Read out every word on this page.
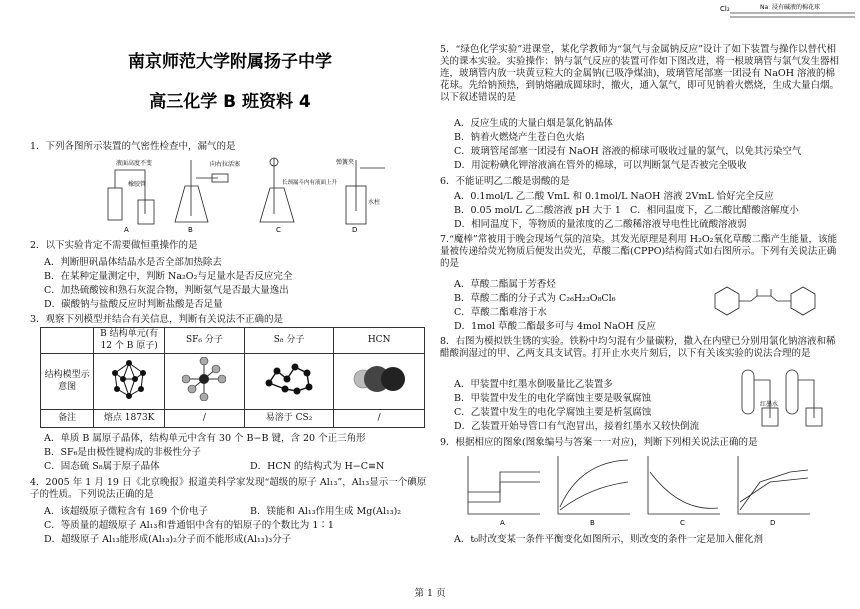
Cl₂	Na 浸有碱液的棉花球
南京师范大学附属扬子中学
高三化学 B 班资料 4
1．下列各图所示装置的气密性检查中，漏气的是
液面高度不变
橡胶管
A
向右拉活塞
B
长颈漏斗内有液面上升
C
弹簧夹
水柱
D
2．以下实验肯定不需要做恒重操作的是
A．判断胆矾晶体结晶水是否全部加热除去
B．在某种定量测定中，判断 Na₂O₂与足量水是否反应完全
C．加热硫酸铵和熟石灰混合物，判断氨气是否最大量逸出
D．碳酸钠与盐酸反应时判断盐酸是否足量
3．观察下列模型并结合有关信息，判断有关说法不正确的是
	B 结构单元(有 12 个 B 原子)	SF₆ 分子	S₈ 分子	HCN
结构模型示意图				
备注	熔点 1873K	/	易溶于 CS₂	/
A．单质 B 属原子晶体，结构单元中含有 30 个 B−B 键，含 20 个正三角形
B．SF₆是由极性键构成的非极性分子
C．固态硫 S₈属于原子晶体	D．HCN 的结构式为 H−C≡N
4．2005 年 1 月 19 日《北京晚报》报道美科学家发现“超级的原子 Al₁₃”，Al₁₃显示一个碘原子的性质。下列说法正确的是
A．该超级原子微粒含有 169 个价电子	B．镁能和 Al₁₃作用生成 Mg(Al₁₃)₂
C．等质量的超级原子 Al₁₃和普通铝中含有的铝原子的个数比为 1∶1
D．超级原子 Al₁₃能形成(Al₁₃)₂分子而不能形成(Al₁₃)₃分子
5．“绿色化学实验”进课堂，某化学教师为“氯气与金属钠反应”设计了如下装置与操作以替代相关的课本实验。实验操作：钠与氯气反应的装置可作如下图改进，将一根玻璃管与氯气发生器相连，玻璃管内放一块黄豆粒大的金属钠(已吸净煤油)，玻璃管尾部塞一团浸有 NaOH 溶液的棉花球。先给钠预热，到钠熔融成圆球时，撤火，通入氯气，即可见钠着火燃烧，生成大量白烟。以下叙述错误的是
A．反应生成的大量白烟是氯化钠晶体
B．钠着火燃烧产生苍白色火焰
C．玻璃管尾部塞一团浸有 NaOH 溶液的棉球可吸收过量的氯气，以免其污染空气
D．用淀粉碘化钾溶液滴在管外的棉球，可以判断氯气是否被完全吸收
6．不能证明乙二酸是弱酸的是
A．0.1mol/L 乙二酸 VmL 和 0.1mol/L NaOH 溶液 2VmL 恰好完全反应
B．0.05 mol/L 乙二酸溶液 pH 大于 1 C．相同温度下，乙二酸比醋酸溶解度小
D．相同温度下，等物质的量浓度的乙二酸稀溶液导电性比硫酸溶液弱
7.“魔棒”常被用于晚会现场气氛的渲染。其发光原理是利用 H₂O₂氧化草酸二酯产生能量，该能量被传递给荧光物质后便发出荧光，草酸二酯(CPPO)结构简式如右图所示。下列有关说法正确的是
A．草酸二酯属于芳香烃
B．草酸二酯的分子式为 C₂₆H₂₃O₈Cl₆
C．草酸二酯难溶于水
D．1mol 草酸二酯最多可与 4mol NaOH 反应
8．右图为模拟铁生锈的实验。铁粉中均匀混有少量碳粉，撒入在内壁已分别用氯化钠溶液和稀醋酸润湿过的甲、乙两支具支试管。打开止水夹片刻后，以下有关该实验的说法合理的是
A．甲装置中红墨水倒吸量比乙装置多
B．甲装置中发生的电化学腐蚀主要是吸氧腐蚀
C．乙装置中发生的电化学腐蚀主要是析氢腐蚀
D．乙装置开始导管口有气泡冒出，接着红墨水又较快倒流
红墨水
9．根据相应的图象(图象编号与答案一一对应)，判断下列相关说法正确的是
A	B	C	D
A．t₀时改变某一条件平衡变化如图所示，则改变的条件一定是加入催化剂
第 1 页
